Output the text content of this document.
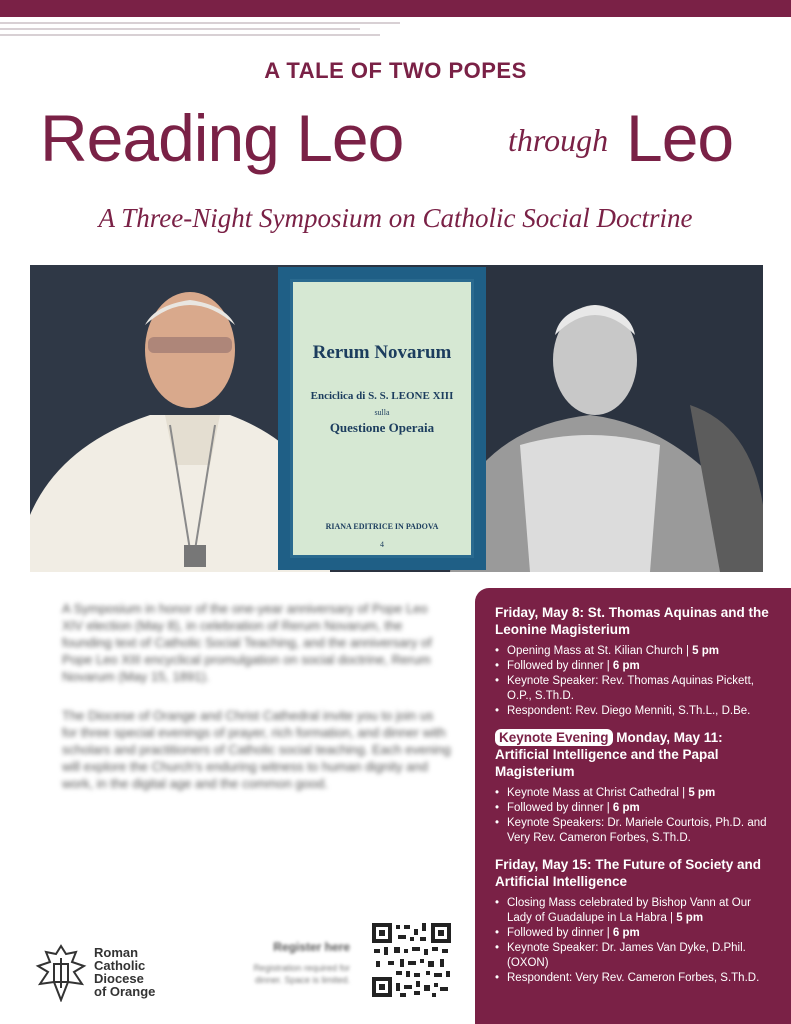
A TALE OF TWO POPES
Reading Leo	through Leo
A Three-Night Symposium on Catholic Social Doctrine
Rerum Novarum
Enciclica di S. S. LEONE XIII
sulla
Questione Operaia
RIANA EDITRICE IN PADOVA
4

A Symposium in honor of the one-year anniversary of Pope Leo XIV election (May 8), in celebration of Rerum Novarum, the founding text of Catholic Social Teaching, and the anniversary of Pope Leo XIII encyclical promulgation on social doctrine, Rerum Novarum (May 15, 1891).

The Diocese of Orange and Christ Cathedral invite you to join us for three special evenings of prayer, rich formation, and dinner with scholars and practitioners of Catholic social teaching. Each evening will explore the Church's enduring witness to human dignity and work, in the digital age and the common good.

Roman
Catholic
Diocese
of Orange
Register here
Registration required for dinner. Space is limited.
Friday, May 8: St. Thomas Aquinas and the Leonine Magisterium
• Opening Mass at St. Kilian Church | 5 pm
• Followed by dinner | 6 pm
• Keynote Speaker: Rev. Thomas Aquinas Pickett, O.P., S.Th.D.
• Respondent: Rev. Diego Menniti, S.Th.L., D.Be.
Keynote Evening Monday, May 11: Artificial Intelligence and the Papal Magisterium
• Keynote Mass at Christ Cathedral | 5 pm
• Followed by dinner | 6 pm
• Keynote Speakers: Dr. Mariele Courtois, Ph.D. and Very Rev. Cameron Forbes, S.Th.D.
Friday, May 15: The Future of Society and Artificial Intelligence
• Closing Mass celebrated by Bishop Vann at Our Lady of Guadalupe in La Habra | 5 pm
• Followed by dinner | 6 pm
• Keynote Speaker: Dr. James Van Dyke, D.Phil. (OXON)
• Respondent: Very Rev. Cameron Forbes, S.Th.D.
